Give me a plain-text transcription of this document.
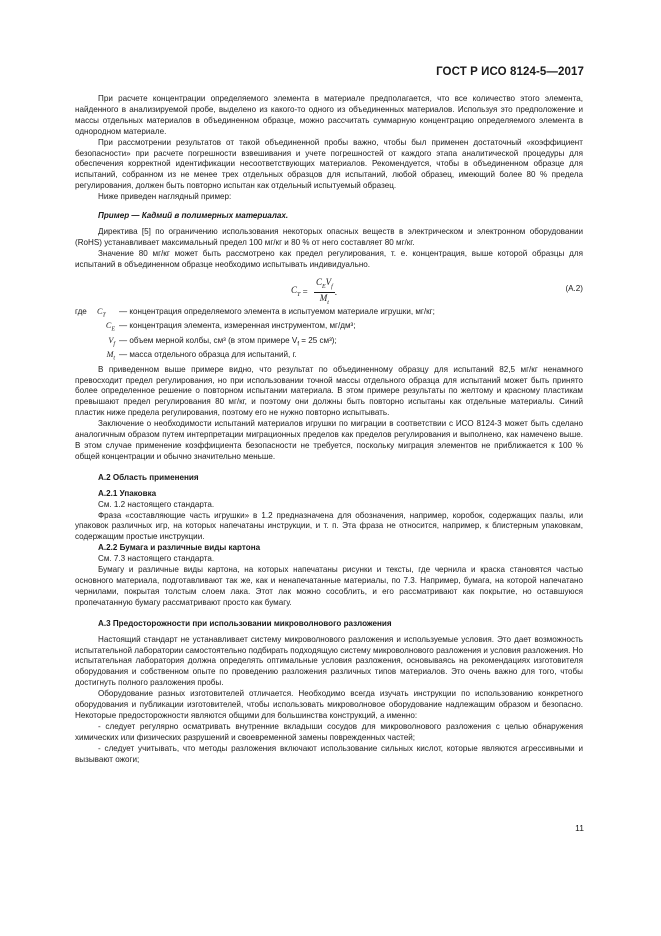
ГОСТ Р ИСО 8124-5—2017

При расчете концентрации определяемого элемента в материале предполагается, что все количество этого элемента, найденного в анализируемой пробе, выделено из какого-то одного из объединенных материалов. Используя это предположение и массы отдельных материалов в объединенном образце, можно рассчитать суммарную концентрацию определяемого элемента в однородном материале.

При рассмотрении результатов от такой объединенной пробы важно, чтобы был применен достаточный «коэффициент безопасности» при расчете погрешности взвешивания и учете погрешностей от каждого этапа аналитической процедуры для обеспечения корректной идентификации несоответствующих материалов. Рекомендуется, чтобы в объединенном образце для испытаний, собранном из не менее трех отдельных образцов для испытаний, любой образец, имеющий более 80 % предела регулирования, должен быть повторно испытан как отдельный испытуемый образец.

Ниже приведен наглядный пример:

Пример — Кадмий в полимерных материалах.

Директива [5] по ограничению использования некоторых опасных веществ в электрическом и электронном оборудовании (RoHS) устанавливает максимальный предел 100 мг/кг и 80 % от него составляет 80 мг/кг.

Значение 80 мг/кг может быть рассмотрено как предел регулирования, т. е. концентрация, выше которой образцы для испытаний в объединенном образце необходимо испытывать индивидуально.

$C_T = \frac{C_EV_f}{M_t}$ .	(A.2)
где	$C_T$	— концентрация определяемого элемента в испытуемом материале игрушки, мг/кг;
$C_E$ — концентрация элемента, измеренная инструментом, мг/дм³;
$V_f$ — объем мерной колбы, см³ (в этом примере $V_f = 25$ см³);
$M_t$ — масса отдельного образца для испытаний, г.

В приведенном выше примере видно, что результат по объединенному образцу для испытаний 82,5 мг/кг ненамного превосходит предел регулирования, но при использовании точной массы отдельного образца для испытаний может быть принято более определенное решение о повторном испытании материала. В этом примере результаты по желтому и красному пластикам превышают предел регулирования 80 мг/кг, и поэтому они должны быть повторно испытаны как отдельные материалы. Синий пластик ниже предела регулирования, поэтому его не нужно повторно испытывать.

Заключение о необходимости испытаний материалов игрушки по миграции в соответствии с ИСО 8124-3 может быть сделано аналогичным образом путем интерпретации миграционных пределов как пределов регулирования и выполнено, как намечено выше. В этом случае применение коэффициента безопасности не требуется, поскольку миграция элементов не приближается к 100 % общей концентрации и обычно значительно меньше.

А.2 Область применения

А.2.1 Упаковка

См. 1.2 настоящего стандарта.

Фраза «составляющие часть игрушки» в 1.2 предназначена для обозначения, например, коробок, содержащих пазлы, или упаковок различных игр, на которых напечатаны инструкции, и т. п. Эта фраза не относится, например, к блистерным упаковкам, содержащим простые инструкции.

А.2.2 Бумага и различные виды картона

См. 7.3 настоящего стандарта.

Бумагу и различные виды картона, на которых напечатаны рисунки и тексты, где чернила и краска становятся частью основного материала, подготавливают так же, как и ненапечатанные материалы, по 7.3. Например, бумага, на которой напечатано чернилами, покрытая толстым слоем лака. Этот лак можно сособлить, и его рассматривают как покрытие, но оставшуюся пропечатанную бумагу рассматривают просто как бумагу.

А.3 Предосторожности при использовании микроволнового разложения

Настоящий стандарт не устанавливает систему микроволнового разложения и используемые условия. Это дает возможность испытательной лаборатории самостоятельно подбирать подходящую систему микроволнового разложения и условия разложения. Но испытательная лаборатория должна определять оптимальные условия разложения, основываясь на рекомендациях изготовителя оборудования и собственном опыте по проведению разложения различных типов материалов. Это очень важно для того, чтобы достигнуть полного разложения пробы.

Оборудование разных изготовителей отличается. Необходимо всегда изучать инструкции по использованию конкретного оборудования и публикации изготовителей, чтобы использовать микроволновое оборудование надлежащим образом и безопасно. Некоторые предосторожности являются общими для большинства конструкций, а именно:

- следует регулярно осматривать внутренние вкладыши сосудов для микроволнового разложения с целью обнаружения химических или физических разрушений и своевременной замены поврежденных частей;

- следует учитывать, что методы разложения включают использование сильных кислот, которые являются агрессивными и вызывают ожоги;

11
